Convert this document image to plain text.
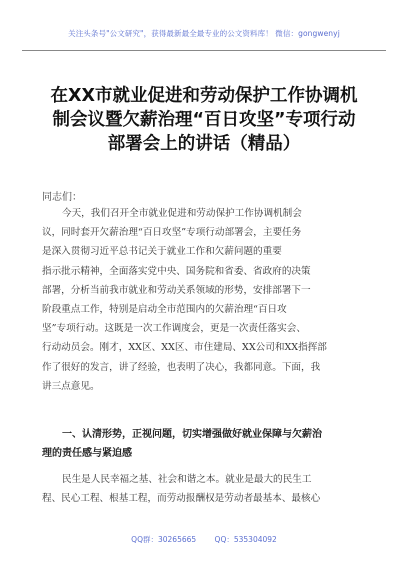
关注头条号"公文研究"，获得最新最全最专业的公文资料库！ 微信：gongwenyj
在XX市就业促进和劳动保护工作协调机
制会议暨欠薪治理“百日攻坚”专项行动
部署会上的讲话（精品）
同志们：
今天，我们召开全市就业促进和劳动保护工作协调机制会
议，同时套开欠薪治理“百日攻坚”专项行动部署会，主要任务
是深入贯彻习近平总书记关于就业工作和欠薪问题的重要
指示批示精神，全面落实党中央、国务院和省委、省政府的决策
部署，分析当前我市就业和劳动关系领域的形势，安排部署下一
阶段重点工作，特别是启动全市范围内的欠薪治理“百日攻
坚”专项行动。这既是一次工作调度会，更是一次责任落实会、
行动动员会。刚才，XX区、XX区、市住建局、XX公司和XX指挥部
作了很好的发言，讲了经验，也表明了决心，我都同意。下面，我
讲三点意见。
一、认清形势，正视问题，切实增强做好就业保障与欠薪治
理的责任感与紧迫感
民生是人民幸福之基、社会和谐之本。就业是最大的民生工
程、民心工程、根基工程，而劳动报酬权是劳动者最基本、最核心
QQ群：30265665 QQ：535304092
